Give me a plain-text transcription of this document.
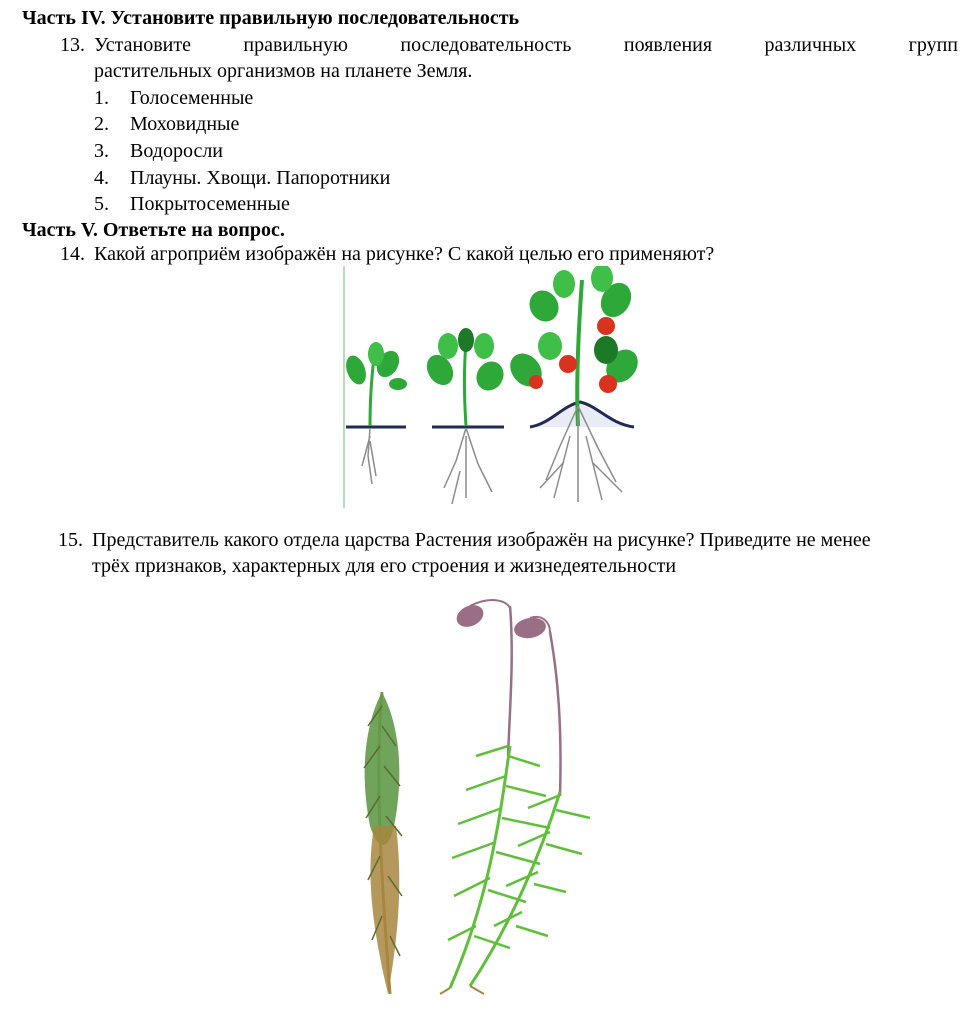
Часть IV. Установите правильную последовательность
13. Установите правильную последовательность появления различных групп
растительных организмов на планете Земля.
1. Голосеменные
2. Моховидные
3. Водоросли
4. Плауны. Хвощи. Папоротники
5. Покрытосеменные
Часть V. Ответьте на вопрос.
14. Какой агроприём изображён на рисунке? С какой целью его применяют?
15. Представитель какого отдела царства Растения изображён на рисунке? Приведите не менее
трёх признаков, характерных для его строения и жизнедеятельности
